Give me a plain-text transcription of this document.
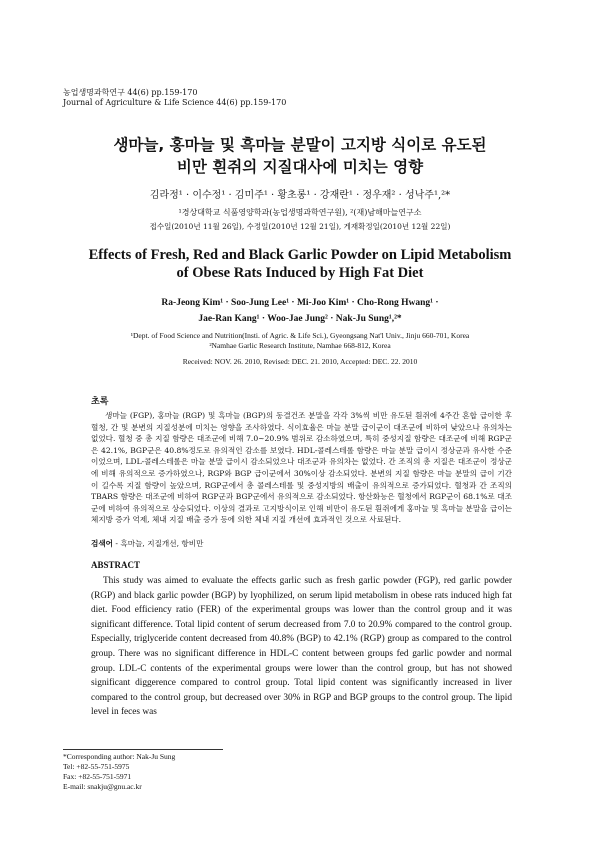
농업생명과학연구 44(6) pp.159-170
Journal of Agriculture & Life Science 44(6) pp.159-170
생마늘, 홍마늘 및 흑마늘 분말이 고지방 식이로 유도된
비만 흰쥐의 지질대사에 미치는 영향
김라정¹ · 이수정¹ · 김미주¹ · 황초롱¹ · 강재란¹ · 정우재² · 성낙주¹,²*
¹경상대학교 식품영양학과(농업생명과학연구원), ²(재)남해마늘연구소
접수일(2010년 11월 26일), 수정일(2010년 12월 21일), 게재확정일(2010년 12월 22일)
Effects of Fresh, Red and Black Garlic Powder on Lipid Metabolism
of Obese Rats Induced by High Fat Diet
Ra-Jeong Kim¹ · Soo-Jung Lee¹ · Mi-Joo Kim¹ · Cho-Rong Hwang¹ ·
Jae-Ran Kang¹ · Woo-Jae Jung² · Nak-Ju Sung¹,²*
¹Dept. of Food Science and Nutrition(Insti. of Agric. & Life Sci.), Gyeongsang Nat'l Univ., Jinju 660-701, Korea
²Namhae Garlic Research Institute, Namhae 668-812, Korea
Received: NOV. 26. 2010, Revised: DEC. 21. 2010, Accepted: DEC. 22. 2010
초록
생마늘 (FGP), 홍마늘 (RGP) 및 흑마늘 (BGP)의 동결건조 분말을 각각 3%씩 비만 유도된 흰쥐에 4주간 혼합 급이한 후 혈청, 간 및 분변의 지질성분에 미치는 영향을 조사하였다. 식이효율은 마늘 분말 급이군이 대조군에 비하여 낮았으나 유의차는 없었다. 혈청 중 총 지질 함량은 대조군에 비해 7.0~20.9% 범위로 감소하였으며, 특히 중성지질 함량은 대조군에 비해 RGP군은 42.1%, BGP군은 40.8%정도로 유의적인 감소를 보였다. HDL-콜레스테롤 함량은 마늘 분말 급이시 정상군과 유사한 수준이었으며, LDL-콜레스테롤은 마늘 분말 급이시 감소되었으나 대조군과 유의차는 없었다. 간 조직의 총 지질은 대조군이 정상군에 비해 유의적으로 증가하였으나, RGP와 BGP 급이군에서 30%이상 감소되었다. 분변의 지질 함량은 마늘 분말의 급이 기간이 길수록 지질 함량이 높았으며, RGP군에서 총 콜레스테롤 및 중성지방의 배출이 유의적으로 증가되었다. 혈청과 간 조직의 TBARS 함량은 대조군에 비하여 RGP군과 BGP군에서 유의적으로 감소되었다. 항산화능은 혈청에서 RGP군이 68.1%로 대조군에 비하여 유의적으로 상승되었다. 이상의 결과로 고지방식이로 인해 비만이 유도된 흰쥐에게 홍마늘 및 흑마늘 분말을 급이는 체지방 증가 억제, 체내 지질 배출 증가 등에 의한 체내 지질 개선에 효과적인 것으로 사료된다.
검색어 - 흑마늘, 지질개선, 항비만
ABSTRACT
This study was aimed to evaluate the effects garlic such as fresh garlic powder (FGP), red garlic powder (RGP) and black garlic powder (BGP) by lyophilized, on serum lipid metabolism in obese rats induced high fat diet. Food efficiency ratio (FER) of the experimental groups was lower than the control group and it was significant difference. Total lipid content of serum decreased from 7.0 to 20.9% compared to the control group. Especially, triglyceride content decreased from 40.8% (BGP) to 42.1% (RGP) group as compared to the control group. There was no significant difference in HDL-C content between groups fed garlic powder and normal group. LDL-C contents of the experimental groups were lower than the control group, but has not showed significant diggerence compared to control group. Total lipid content was significantly increased in liver compared to the control group, but decreased over 30% in RGP and BGP groups to the control group. The lipid level in feces was
*Corresponding author: Nak-Ju Sung
Tel: +82-55-751-5975
Fax: +82-55-751-5971
E-mail: snakju@gnu.ac.kr
